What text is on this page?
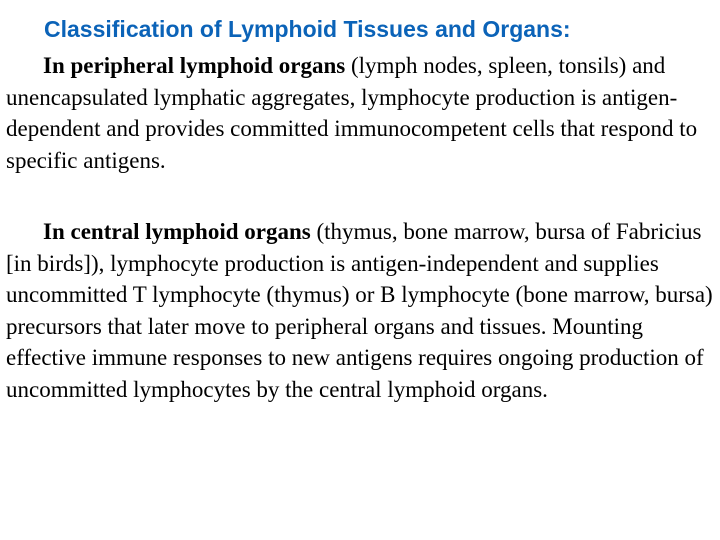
Classification of Lymphoid Tissues and Organs:

In peripheral lymphoid organs (lymph nodes, spleen, tonsils) and unencapsulated lymphatic aggregates, lymphocyte production is antigen-dependent and provides committed immunocompetent cells that respond to specific antigens.

In central lymphoid organs (thymus, bone marrow, bursa of Fabricius [in birds]), lymphocyte production is antigen-independent and supplies uncommitted T lymphocyte (thymus) or B lymphocyte (bone marrow, bursa) precursors that later move to peripheral organs and tissues. Mounting effective immune responses to new antigens requires ongoing production of uncommitted lymphocytes by the central lymphoid organs.
